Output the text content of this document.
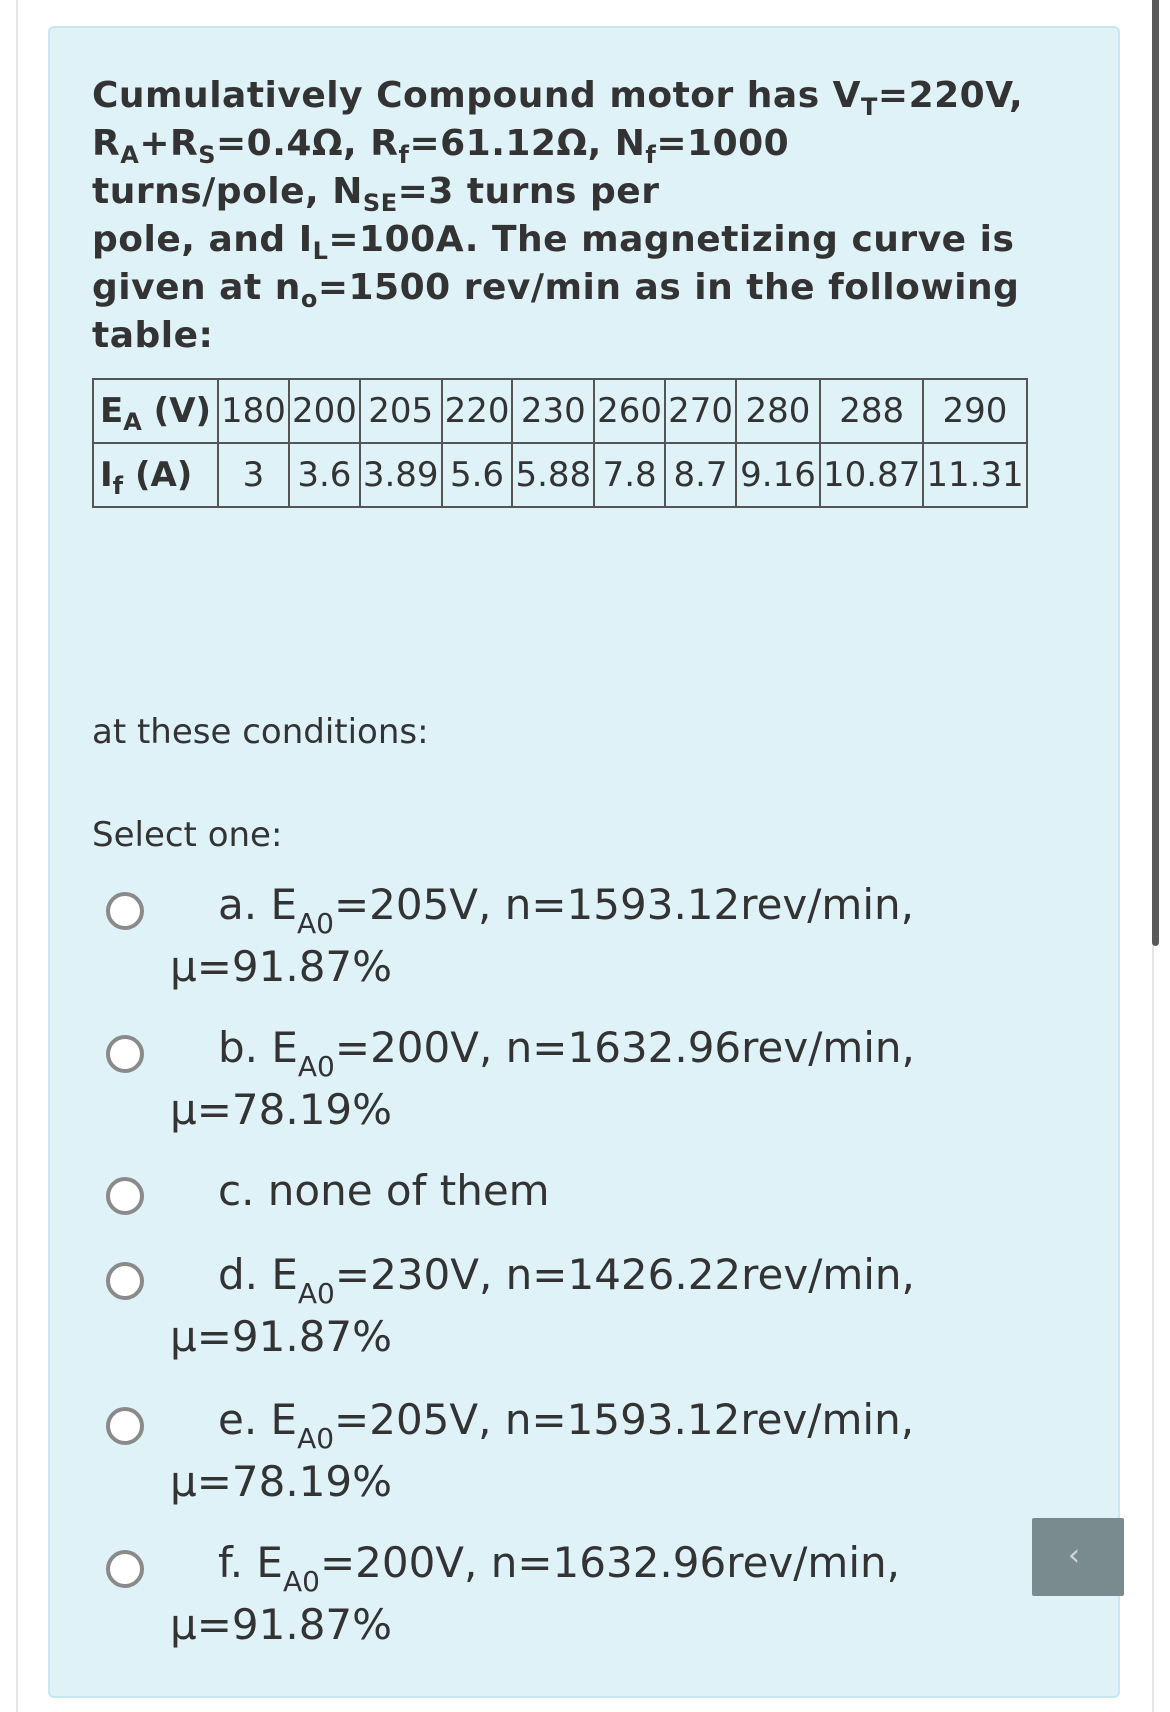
Cumulatively Compound motor has $V_T=220V$,
$R_A+R_S=0.4\Omega$, $R_f=61.12\Omega$, $N_f=1000$
turns/pole, $N_{SE}=3$ turns per
pole, and $I_L=100A$. The magnetizing curve is
given at $n_o=1500$ rev/min as in the following
table:
$E_A$ (V)	180	200	205	220	230	260	270	280	288	290
$I_f$ (A)	3	3.6	3.89	5.6	5.88	7.8	8.7	9.16	10.87	11.31
at these conditions:
Select one:
a. $E_{A0}=205V$, n=1593.12rev/min,
μ=91.87%
b. $E_{A0}=200V$, n=1632.96rev/min,
μ=78.19%
c. none of them
d. $E_{A0}=230V$, n=1426.22rev/min,
μ=91.87%
e. $E_{A0}=205V$, n=1593.12rev/min,
μ=78.19%
f. $E_{A0}=200V$, n=1632.96rev/min,
μ=91.87%
‹
